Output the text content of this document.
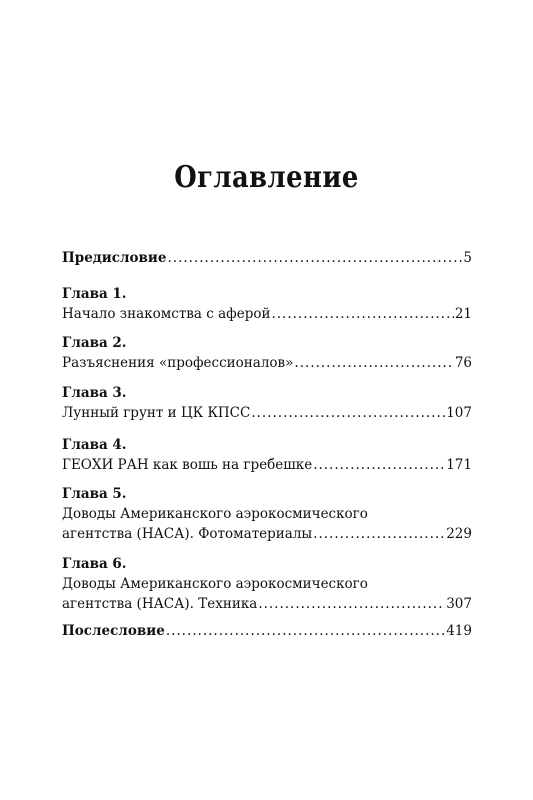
Оглавление
Предисловие .....	5
Глава 1.
Начало знакомства с аферой .....	21
Глава 2.
Разъяснения «профессионалов» .....	76
Глава 3.
Лунный грунт и ЦК КПСС .....	107
Глава 4.
ГЕОХИ РАН как вошь на гребешке .....	171
Глава 5.
Доводы Американского аэрокосмического
агентства (НАСА). Фотоматериалы .....	229
Глава 6.
Доводы Американского аэрокосмического
агентства (НАСА). Техника .....	307
Послесловие .....	419
